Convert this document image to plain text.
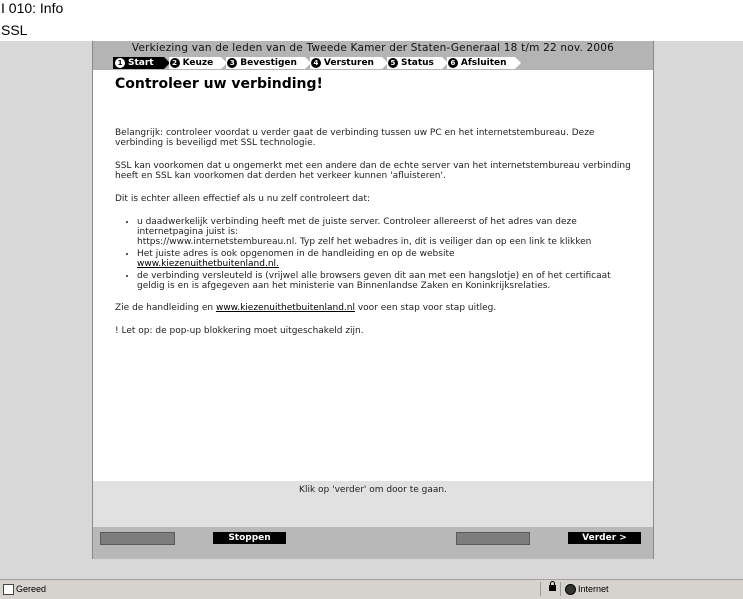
I 010: Info
SSL
Verkiezing van de leden van de Tweede Kamer der Staten-Generaal 18 t/m 22 nov. 2006
1 Start	2 Keuze	3 Bevestigen	4 Versturen	5 Status	6 Afsluiten
Controleer uw verbinding!

Belangrijk: controleer voordat u verder gaat de verbinding tussen uw PC en het internetstembureau. Deze verbinding is beveiligd met SSL technologie.

SSL kan voorkomen dat u ongemerkt met een andere dan de echte server van het internetstembureau verbinding heeft en SSL kan voorkomen dat derden het verkeer kunnen 'afluisteren'.

Dit is echter alleen effectief als u nu zelf controleert dat:

• u daadwerkelijk verbinding heeft met de juiste server. Controleer allereerst of het adres van deze internetpagina juist is:
https://www.internetstembureau.nl. Typ zelf het webadres in, dit is veiliger dan op een link te klikken
• Het juiste adres is ook opgenomen in de handleiding en op de website
www.kiezenuithetbuitenland.nl.
• de verbinding versleuteld is (vrijwel alle browsers geven dit aan met een hangslotje) en of het certificaat geldig is en is afgegeven aan het ministerie van Binnenlandse Zaken en Koninkrijksrelaties.

Zie de handleiding en www.kiezenuithetbuitenland.nl voor een stap voor stap uitleg.

! Let op: de pop-up blokkering moet uitgeschakeld zijn.

Klik op 'verder' om door te gaan.
Stoppen	Verder >
Gereed	Internet
